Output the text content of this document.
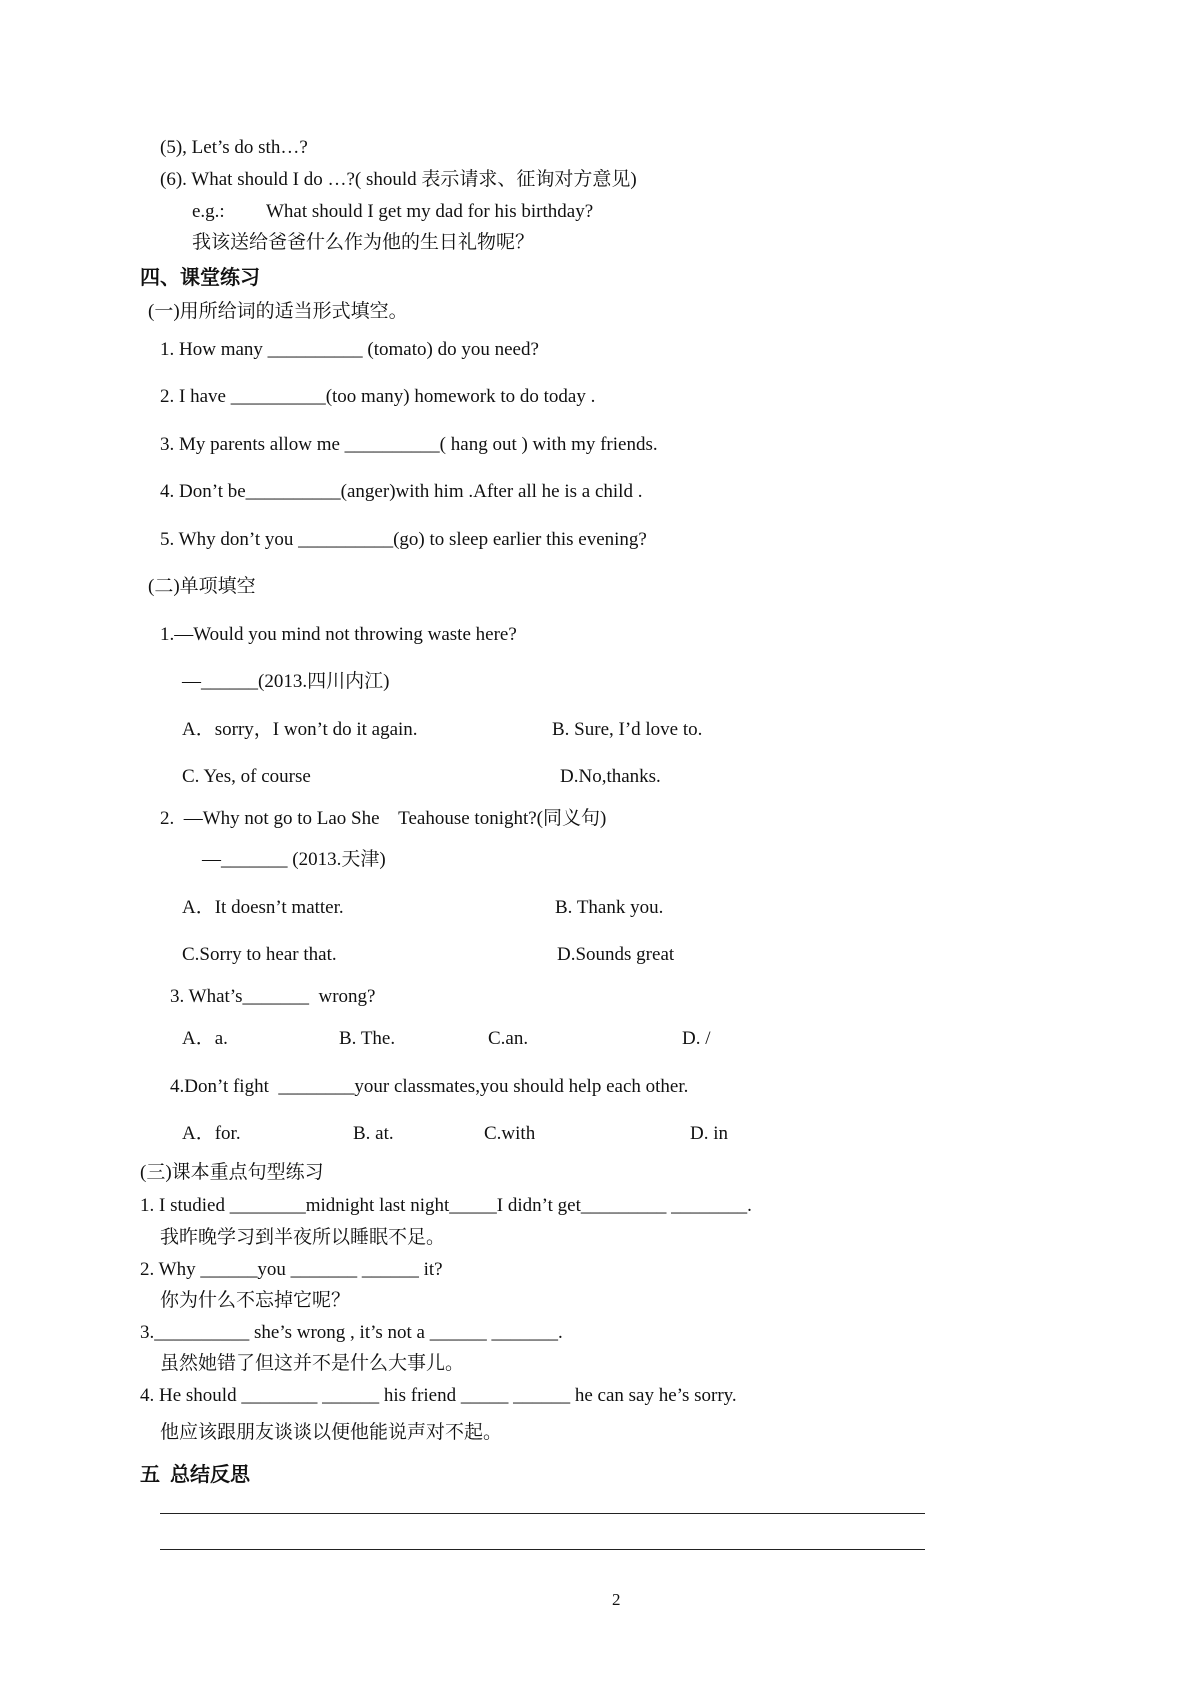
(5), Let’s do sth…?
(6). What should I do …?( should 表示请求、征询对方意见)
e.g.: What should I get my dad for his birthday?
我该送给爸爸什么作为他的生日礼物呢？
四、课堂练习
(一)用所给词的适当形式填空。
1. How many __________ (tomato) do you need?
2. I have __________(too many) homework to do today .
3. My parents allow me __________( hang out ) with my friends.
4. Don’t be__________(anger)with him .After all he is a child .
5. Why don’t you __________(go) to sleep earlier this evening?
(二)单项填空
1.—Would you mind not throwing waste here?
—______(2013.四川内江)
A．sorry，I won’t do it again.	B. Sure, I’d love to.
C. Yes, of course	D.No,thanks.
2.  —Why not go to Lao She    Teahouse tonight?(同义句)
—_______ (2013.天津)
A．It doesn’t matter.	B. Thank you.
C.Sorry to hear that.	D.Sounds great
3. What’s_______  wrong?
A．a.	B. The.	C.an.	D. /
4.Don’t fight  ________your classmates,you should help each other.
A．for.	B. at.	C.with	D. in
(三)课本重点句型练习
1. I studied ________midnight last night_____I didn’t get_________ ________.
我昨晚学习到半夜所以睡眠不足。
2. Why ______you _______ ______ it?
你为什么不忘掉它呢？
3.__________ she’s wrong , it’s not a ______ _______.
虽然她错了但这并不是什么大事儿。
4. He should ________ ______ his friend _____ ______ he can say he’s sorry.
他应该跟朋友谈谈以便他能说声对不起。
五  总结反思
2
